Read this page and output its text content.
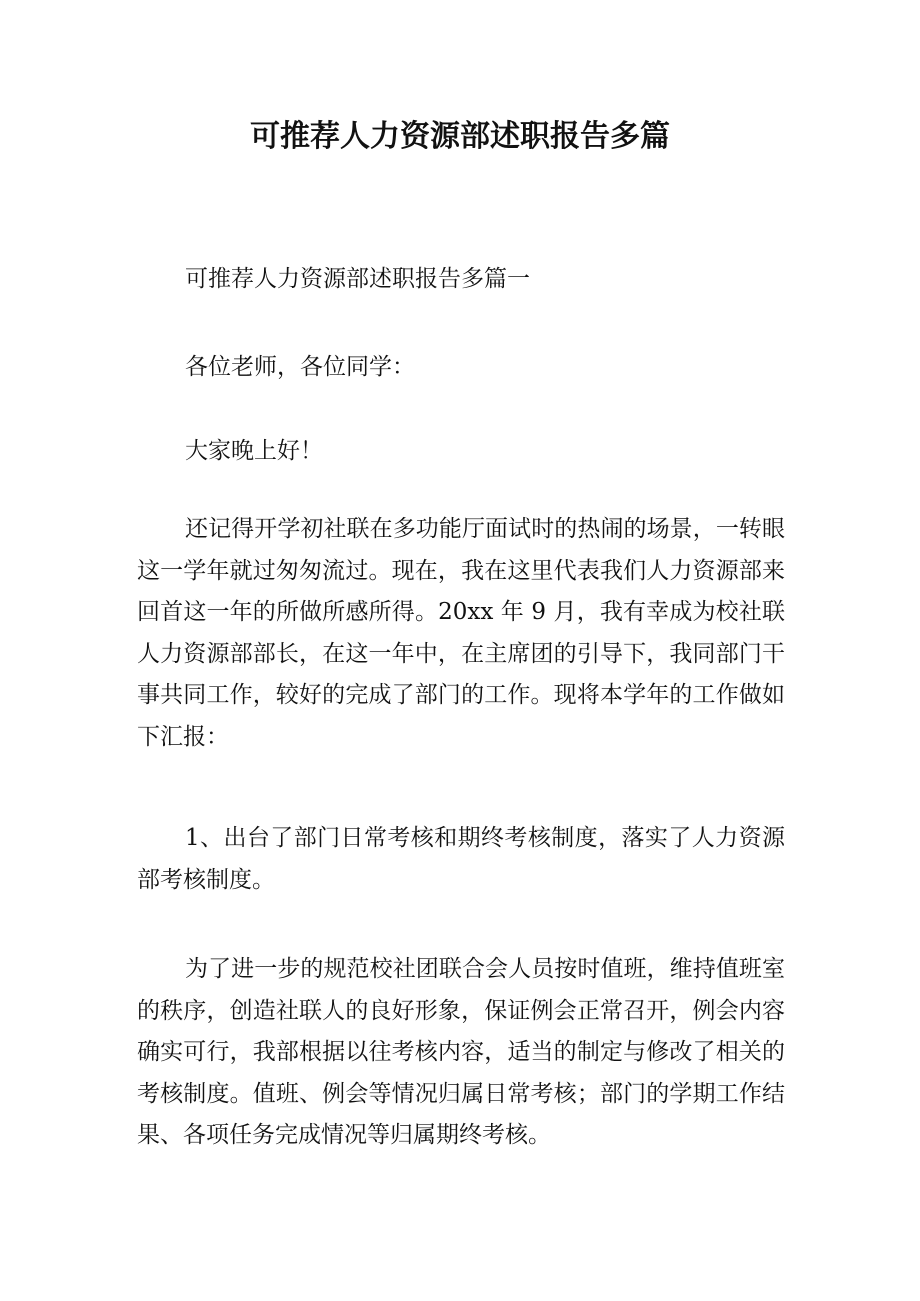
可推荐人力资源部述职报告多篇

可推荐人力资源部述职报告多篇一

各位老师，各位同学：

大家晚上好！

还记得开学初社联在多功能厅面试时的热闹的场景，一转眼这一学年就过匆匆流过。现在，我在这里代表我们人力资源部来回首这一年的所做所感所得。20xx 年 9 月，我有幸成为校社联人力资源部部长，在这一年中，在主席团的引导下，我同部门干事共同工作，较好的完成了部门的工作。现将本学年的工作做如下汇报：

1、出台了部门日常考核和期终考核制度，落实了人力资源部考核制度。

为了进一步的规范校社团联合会人员按时值班，维持值班室的秩序，创造社联人的良好形象，保证例会正常召开，例会内容确实可行，我部根据以往考核内容，适当的制定与修改了相关的考核制度。值班、例会等情况归属日常考核；部门的学期工作结果、各项任务完成情况等归属期终考核。
